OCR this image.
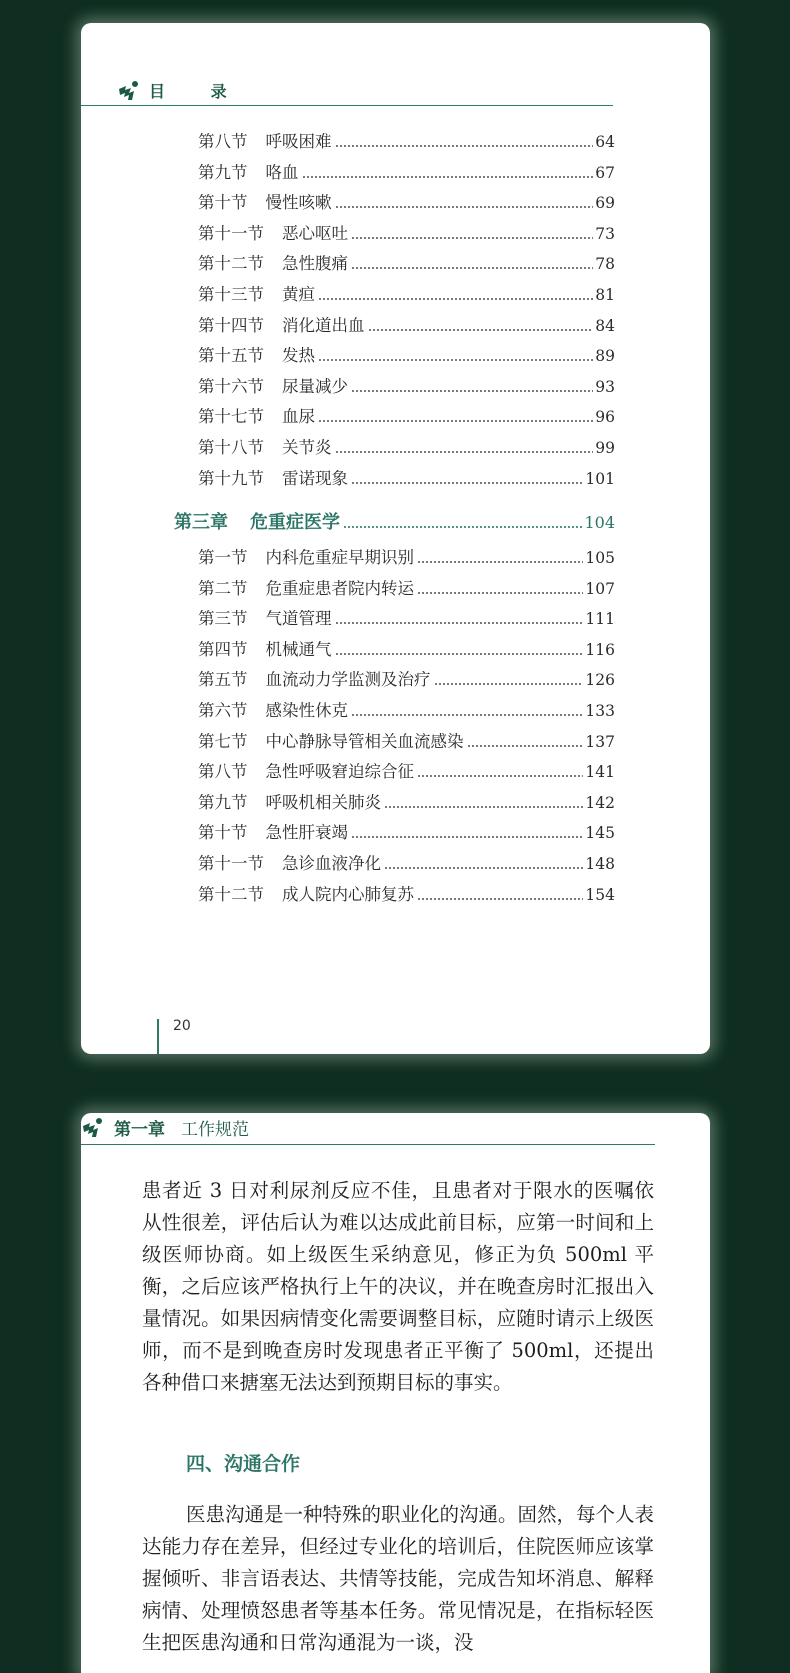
目 录
第八节 呼吸困难	64
第九节 咯血	67
第十节 慢性咳嗽	69
第十一节 恶心呕吐	73
第十二节 急性腹痛	78
第十三节 黄疸	81
第十四节 消化道出血	84
第十五节 发热	89
第十六节 尿量减少	93
第十七节 血尿	96
第十八节 关节炎	99
第十九节 雷诺现象	101
第三章 危重症医学	104
第一节 内科危重症早期识别	105
第二节 危重症患者院内转运	107
第三节 气道管理	111
第四节 机械通气	116
第五节 血流动力学监测及治疗	126
第六节 感染性休克	133
第七节 中心静脉导管相关血流感染	137
第八节 急性呼吸窘迫综合征	141
第九节 呼吸机相关肺炎	142
第十节 急性肝衰竭	145
第十一节 急诊血液净化	148
第十二节 成人院内心肺复苏	154
20
第一章 工作规范

患者近 3 日对利尿剂反应不佳，且患者对于限水的医嘱依从性很差，评估后认为难以达成此前目标，应第一时间和上级医师协商。如上级医生采纳意见，修正为负 500ml 平衡，之后应该严格执行上午的决议，并在晚查房时汇报出入量情况。如果因病情变化需要调整目标，应随时请示上级医师，而不是到晚查房时发现患者正平衡了 500ml，还提出各种借口来搪塞无法达到预期目标的事实。

四、沟通合作

医患沟通是一种特殊的职业化的沟通。固然，每个人表达能力存在差异，但经过专业化的培训后，住院医师应该掌握倾听、非言语表达、共情等技能，完成告知坏消息、解释病情、处理愤怒患者等基本任务。常见情况是，在指标轻医生把医患沟通和日常沟通混为一谈，没
